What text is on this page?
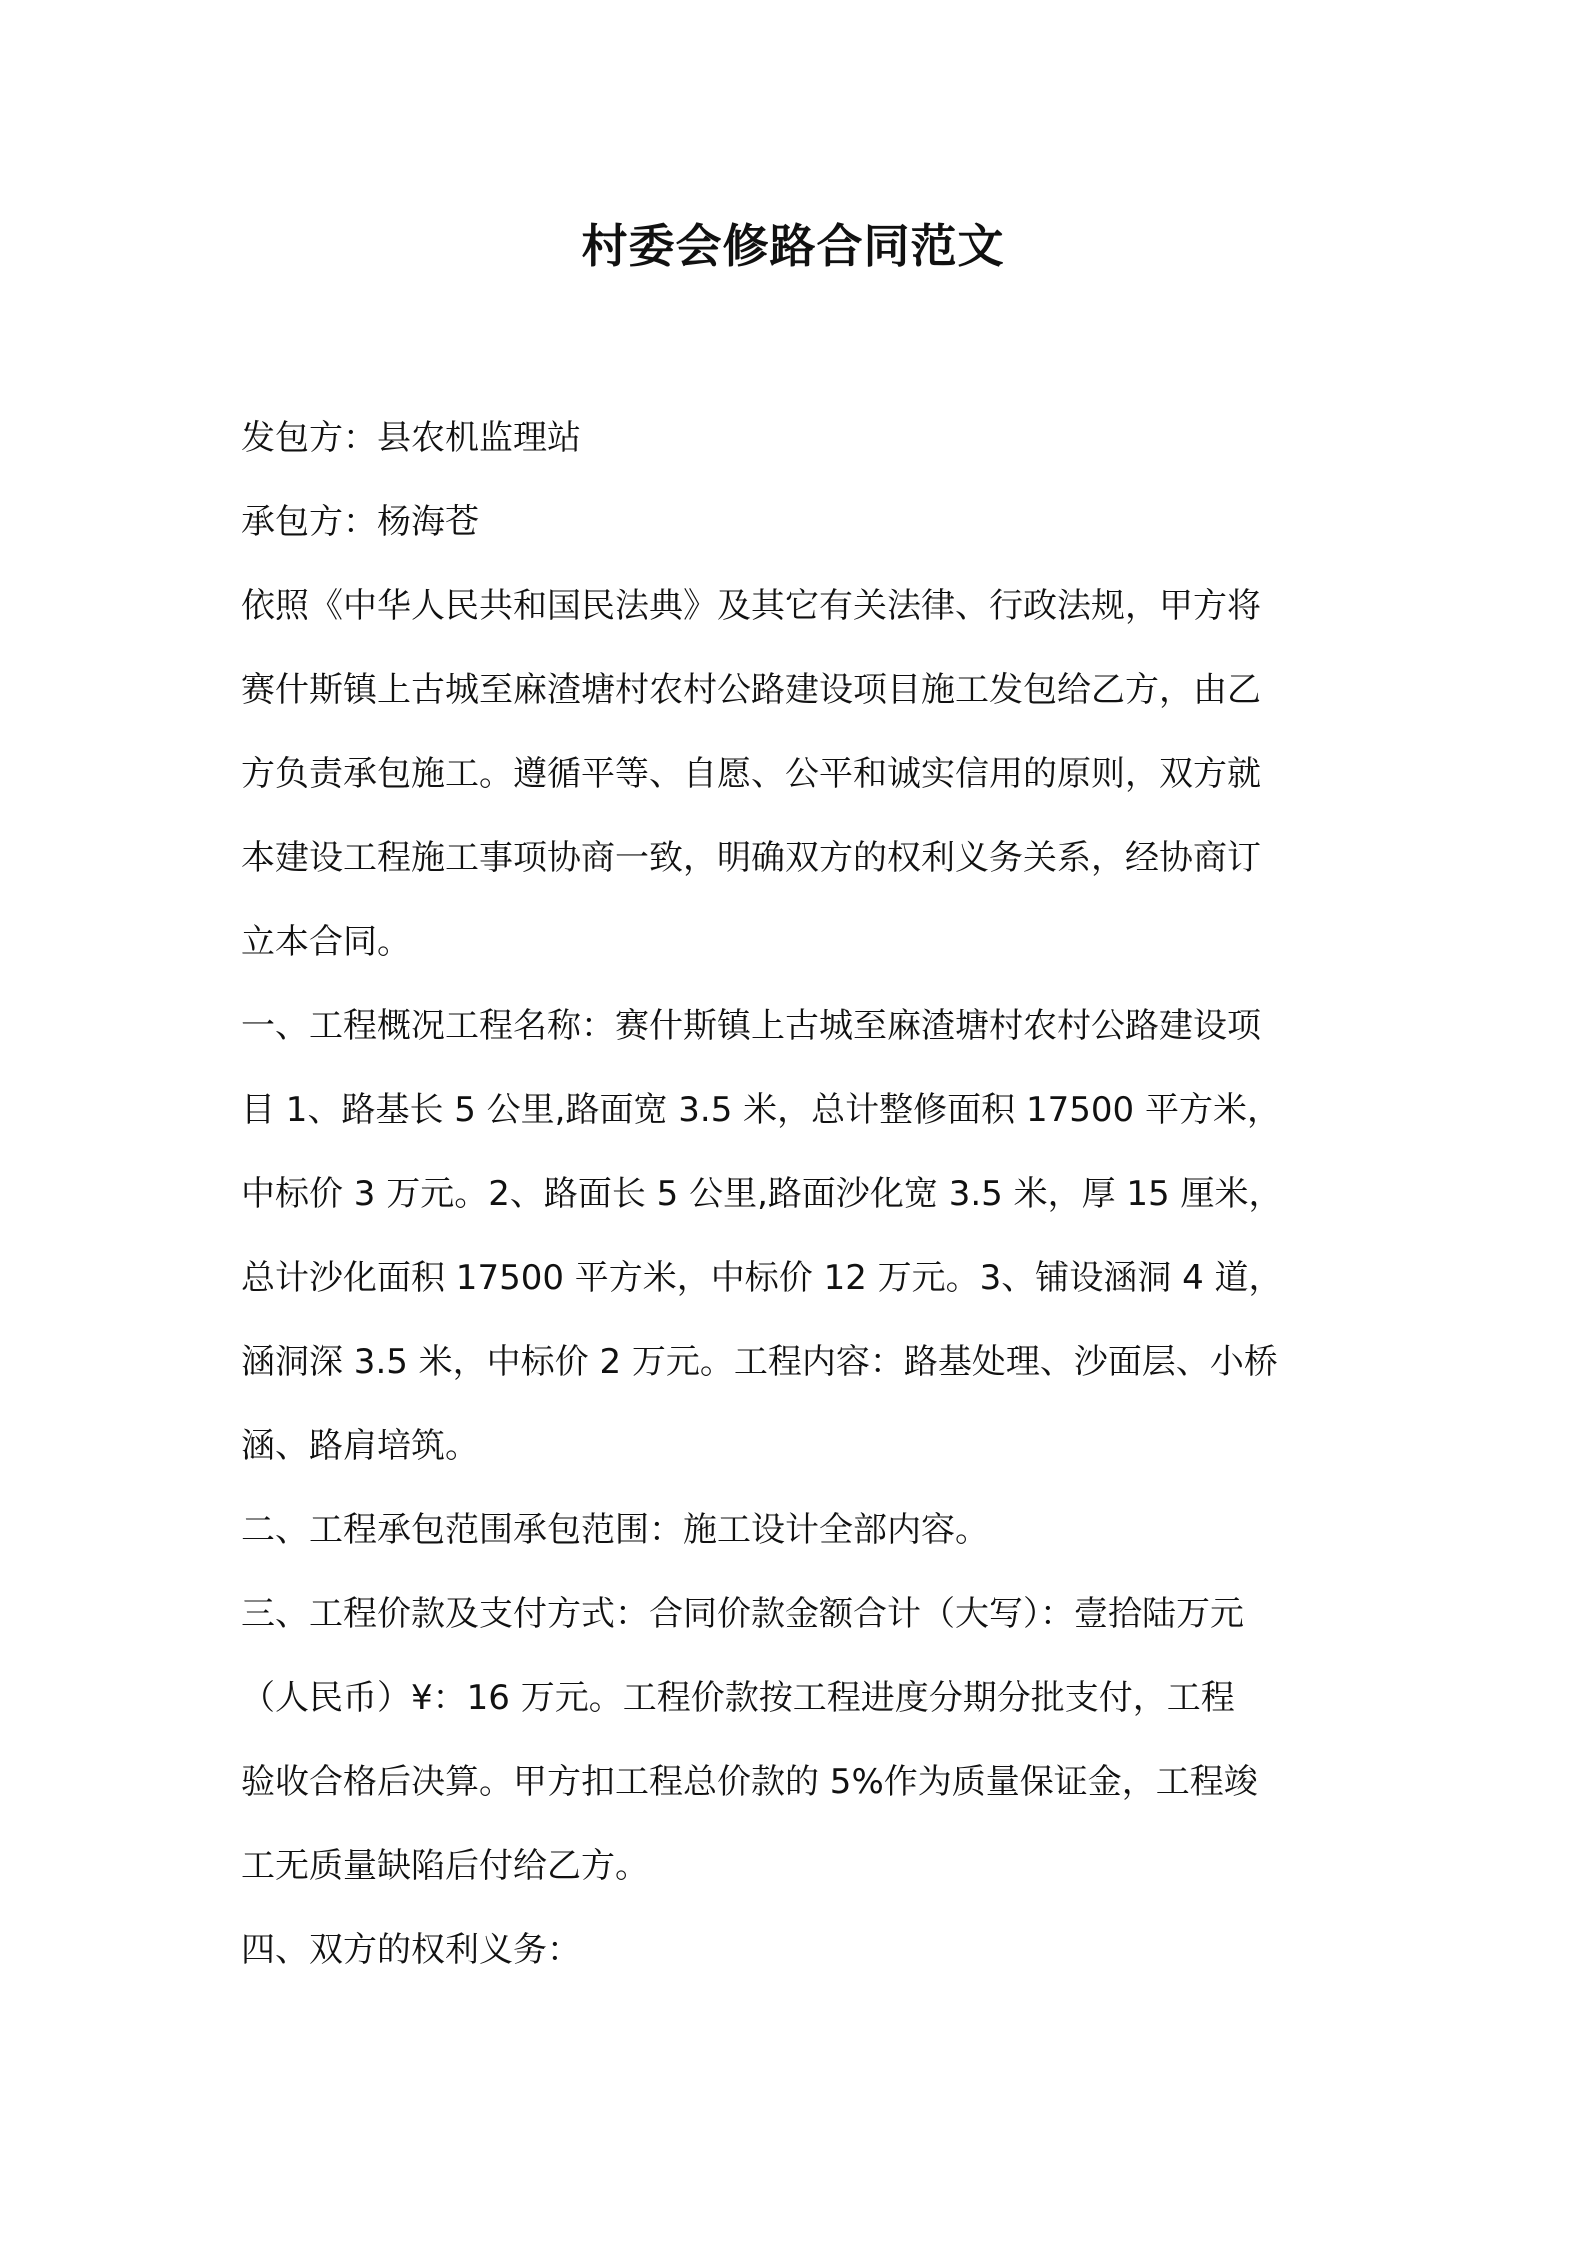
村委会修路合同范文
发包方：县农机监理站
承包方：杨海苍
依照《中华人民共和国民法典》及其它有关法律、行政法规，甲方将
赛什斯镇上古城至麻渣塘村农村公路建设项目施工发包给乙方，由乙
方负责承包施工。遵循平等、自愿、公平和诚实信用的原则，双方就
本建设工程施工事项协商一致，明确双方的权利义务关系，经协商订
立本合同。
一、工程概况工程名称：赛什斯镇上古城至麻渣塘村农村公路建设项
目 1、路基长 5 公里,路面宽 3.5 米，总计整修面积 17500 平方米，
中标价 3 万元。2、路面长 5 公里,路面沙化宽 3.5 米，厚 15 厘米，
总计沙化面积 17500 平方米，中标价 12 万元。3、铺设涵洞 4 道，
涵洞深 3.5 米，中标价 2 万元。工程内容：路基处理、沙面层、小桥
涵、路肩培筑。
二、工程承包范围承包范围：施工设计全部内容。
三、工程价款及支付方式：合同价款金额合计（大写）：壹拾陆万元
（人民币）¥：16 万元。工程价款按工程进度分期分批支付，工程
验收合格后决算。甲方扣工程总价款的 5%作为质量保证金，工程竣
工无质量缺陷后付给乙方。
四、双方的权利义务：
